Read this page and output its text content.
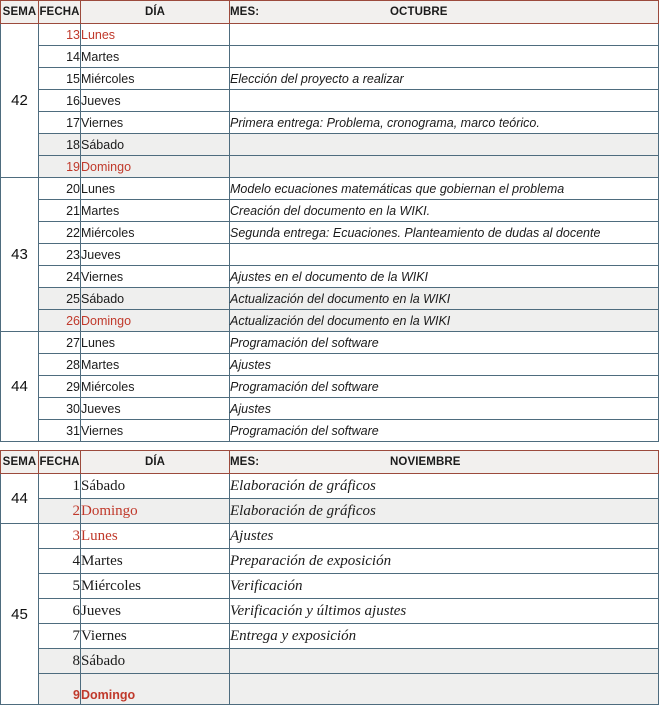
SEMA	FECHA	DÍA	MES: OCTUBRE

42	13	Lunes	
	14	Martes	
	15	Miércoles	Elección del proyecto a realizar
	16	Jueves	
	17	Viernes	Primera entrega: Problema, cronograma, marco teórico.
	18	Sábado	
	19	Domingo	
43	20	Lunes	Modelo ecuaciones matemáticas que gobiernan el problema
	21	Martes	Creación del documento en la WIKI.
	22	Miércoles	Segunda entrega: Ecuaciones. Planteamiento de dudas al docente
	23	Jueves	
	24	Viernes	Ajustes en el documento de la WIKI
	25	Sábado	Actualización del documento en la WIKI
	26	Domingo	Actualización del documento en la WIKI
44	27	Lunes	Programación del software
	28	Martes	Ajustes
	29	Miércoles	Programación del software
	30	Jueves	Ajustes
	31	Viernes	Programación del software
SEMA	FECHA	DÍA	MES: NOVIEMBRE

44	1	Sábado	Elaboración de gráficos
	2	Domingo	Elaboración de gráficos
45	3	Lunes	Ajustes
	4	Martes	Preparación de exposición
	5	Miércoles	Verificación
	6	Jueves	Verificación y últimos ajustes
	7	Viernes	Entrega y exposición
	8	Sábado	
	9	Domingo	
